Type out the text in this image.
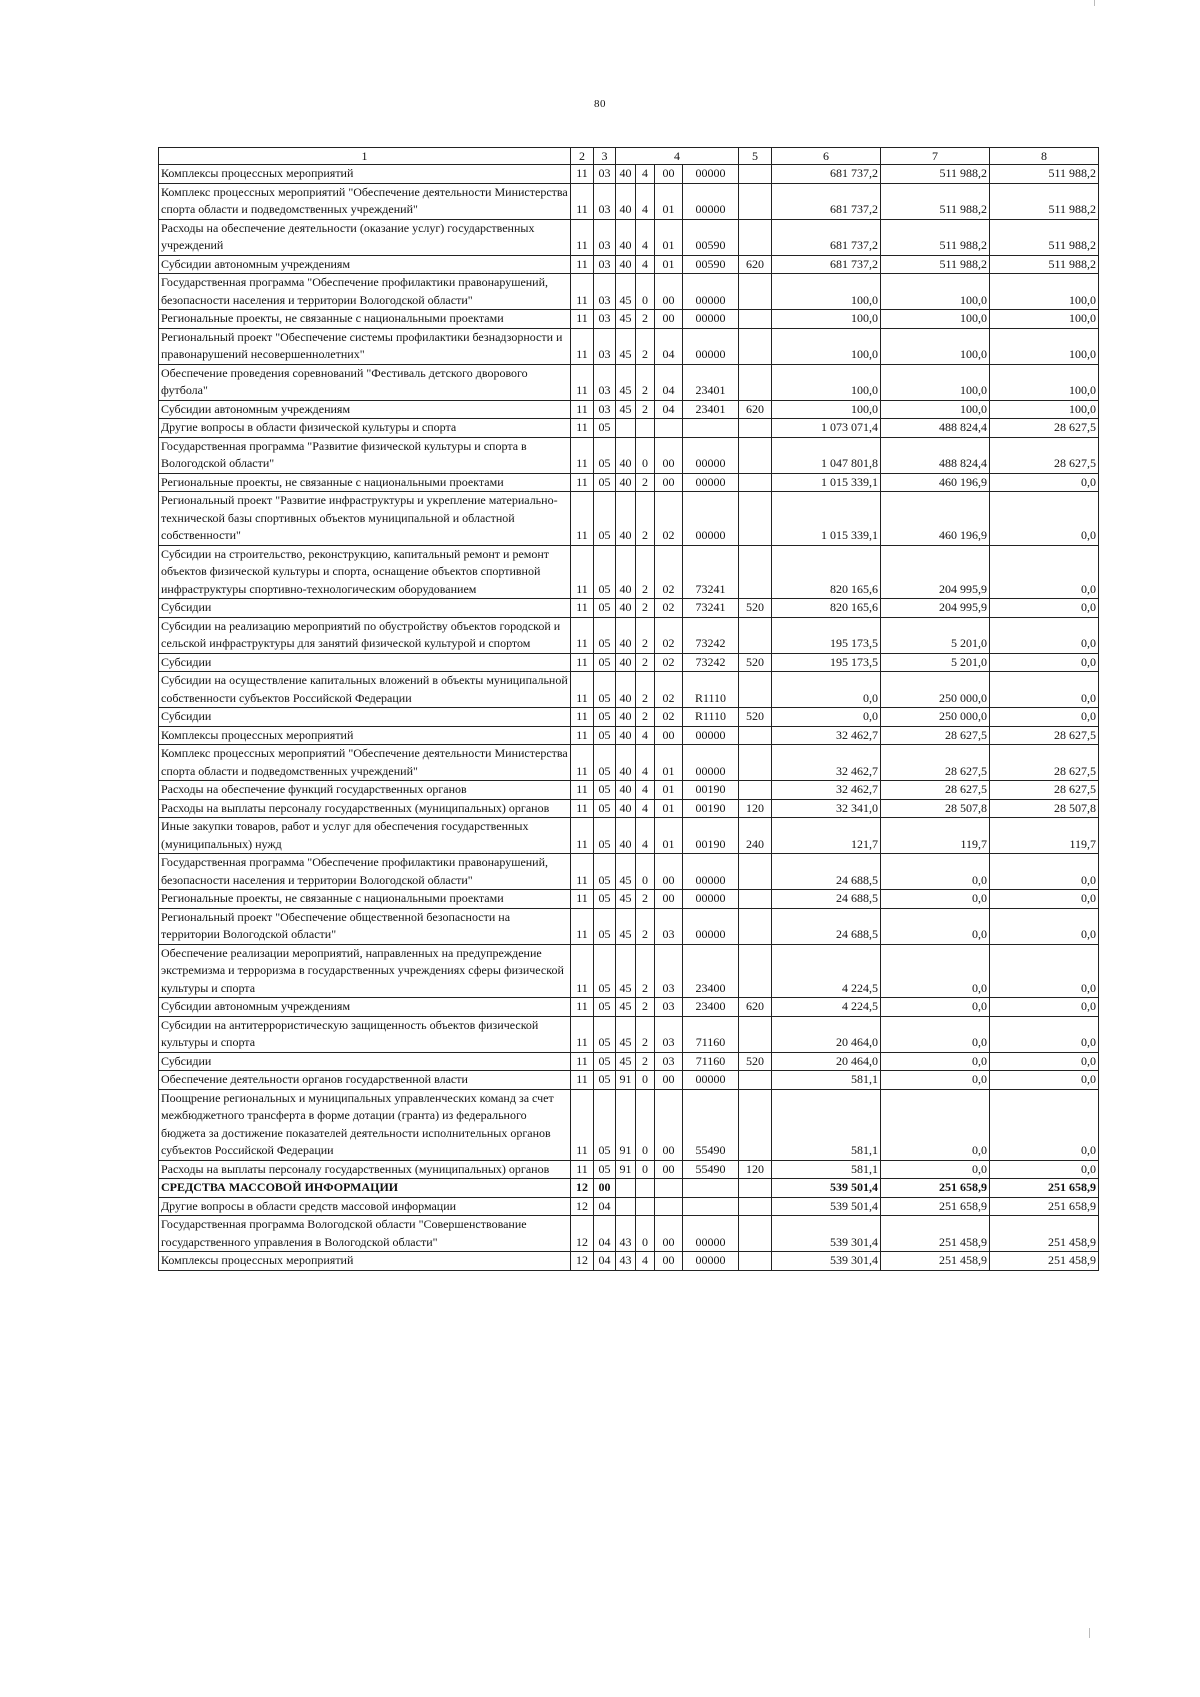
80
1	2	3	4				5	6	7	8
Комплексы процессных мероприятий	11	03	40	4	00	00000		681 737,2	511 988,2	511 988,2
Комплекс процессных мероприятий "Обеспечение деятельности Министерства спорта области и подведомственных учреждений"	11	03	40	4	01	00000		681 737,2	511 988,2	511 988,2
Расходы на обеспечение деятельности (оказание услуг) государственных учреждений	11	03	40	4	01	00590		681 737,2	511 988,2	511 988,2
Субсидии автономным учреждениям	11	03	40	4	01	00590	620	681 737,2	511 988,2	511 988,2
Государственная программа "Обеспечение профилактики правонарушений, безопасности населения и территории Вологодской области"	11	03	45	0	00	00000		100,0	100,0	100,0
Региональные проекты, не связанные с национальными проектами	11	03	45	2	00	00000		100,0	100,0	100,0
Региональный проект "Обеспечение системы профилактики безнадзорности и правонарушений несовершеннолетних"	11	03	45	2	04	00000		100,0	100,0	100,0
Обеспечение проведения соревнований "Фестиваль детского дворового футбола"	11	03	45	2	04	23401		100,0	100,0	100,0
Субсидии автономным учреждениям	11	03	45	2	04	23401	620	100,0	100,0	100,0
Другие вопросы в области физической культуры и спорта	11	05						1 073 071,4	488 824,4	28 627,5
Государственная программа "Развитие физической культуры и спорта в Вологодской области"	11	05	40	0	00	00000		1 047 801,8	488 824,4	28 627,5
Региональные проекты, не связанные с национальными проектами	11	05	40	2	00	00000		1 015 339,1	460 196,9	0,0
Региональный проект "Развитие инфраструктуры и укрепление материально-технической базы спортивных объектов муниципальной и областной собственности"	11	05	40	2	02	00000		1 015 339,1	460 196,9	0,0
Субсидии на строительство, реконструкцию, капитальный ремонт и ремонт объектов физической культуры и спорта, оснащение объектов спортивной инфраструктуры спортивно-технологическим оборудованием	11	05	40	2	02	73241		820 165,6	204 995,9	0,0
Субсидии	11	05	40	2	02	73241	520	820 165,6	204 995,9	0,0
Субсидии на реализацию мероприятий по обустройству объектов городской и сельской инфраструктуры для занятий физической культурой и спортом	11	05	40	2	02	73242		195 173,5	5 201,0	0,0
Субсидии	11	05	40	2	02	73242	520	195 173,5	5 201,0	0,0
Субсидии на осуществление капитальных вложений в объекты муниципальной собственности субъектов Российской Федерации	11	05	40	2	02	R1110		0,0	250 000,0	0,0
Субсидии	11	05	40	2	02	R1110	520	0,0	250 000,0	0,0
Комплексы процессных мероприятий	11	05	40	4	00	00000		32 462,7	28 627,5	28 627,5
Комплекс процессных мероприятий "Обеспечение деятельности Министерства спорта области и подведомственных учреждений"	11	05	40	4	01	00000		32 462,7	28 627,5	28 627,5
Расходы на обеспечение функций государственных органов	11	05	40	4	01	00190		32 462,7	28 627,5	28 627,5
Расходы на выплаты персоналу государственных (муниципальных) органов	11	05	40	4	01	00190	120	32 341,0	28 507,8	28 507,8
Иные закупки товаров, работ и услуг для обеспечения государственных (муниципальных) нужд	11	05	40	4	01	00190	240	121,7	119,7	119,7
Государственная программа "Обеспечение профилактики правонарушений, безопасности населения и территории Вологодской области"	11	05	45	0	00	00000		24 688,5	0,0	0,0
Региональные проекты, не связанные с национальными проектами	11	05	45	2	00	00000		24 688,5	0,0	0,0
Региональный проект "Обеспечение общественной безопасности на территории Вологодской области"	11	05	45	2	03	00000		24 688,5	0,0	0,0
Обеспечение реализации мероприятий, направленных на предупреждение экстремизма и терроризма в государственных учреждениях сферы физической культуры и спорта	11	05	45	2	03	23400		4 224,5	0,0	0,0
Субсидии автономным учреждениям	11	05	45	2	03	23400	620	4 224,5	0,0	0,0
Субсидии на антитеррористическую защищенность объектов физической культуры и спорта	11	05	45	2	03	71160		20 464,0	0,0	0,0
Субсидии	11	05	45	2	03	71160	520	20 464,0	0,0	0,0
Обеспечение деятельности органов государственной власти	11	05	91	0	00	00000		581,1	0,0	0,0
Поощрение региональных и муниципальных управленческих команд за счет межбюджетного трансферта в форме дотации (гранта) из федерального бюджета за достижение показателей деятельности исполнительных органов субъектов Российской Федерации	11	05	91	0	00	55490		581,1	0,0	0,0
Расходы на выплаты персоналу государственных (муниципальных) органов	11	05	91	0	00	55490	120	581,1	0,0	0,0
СРЕДСТВА МАССОВОЙ ИНФОРМАЦИИ	12	00						539 501,4	251 658,9	251 658,9
Другие вопросы в области средств массовой информации	12	04						539 501,4	251 658,9	251 658,9
Государственная программа Вологодской области "Совершенствование государственного управления в Вологодской области"	12	04	43	0	00	00000		539 301,4	251 458,9	251 458,9
Комплексы процессных мероприятий	12	04	43	4	00	00000		539 301,4	251 458,9	251 458,9
